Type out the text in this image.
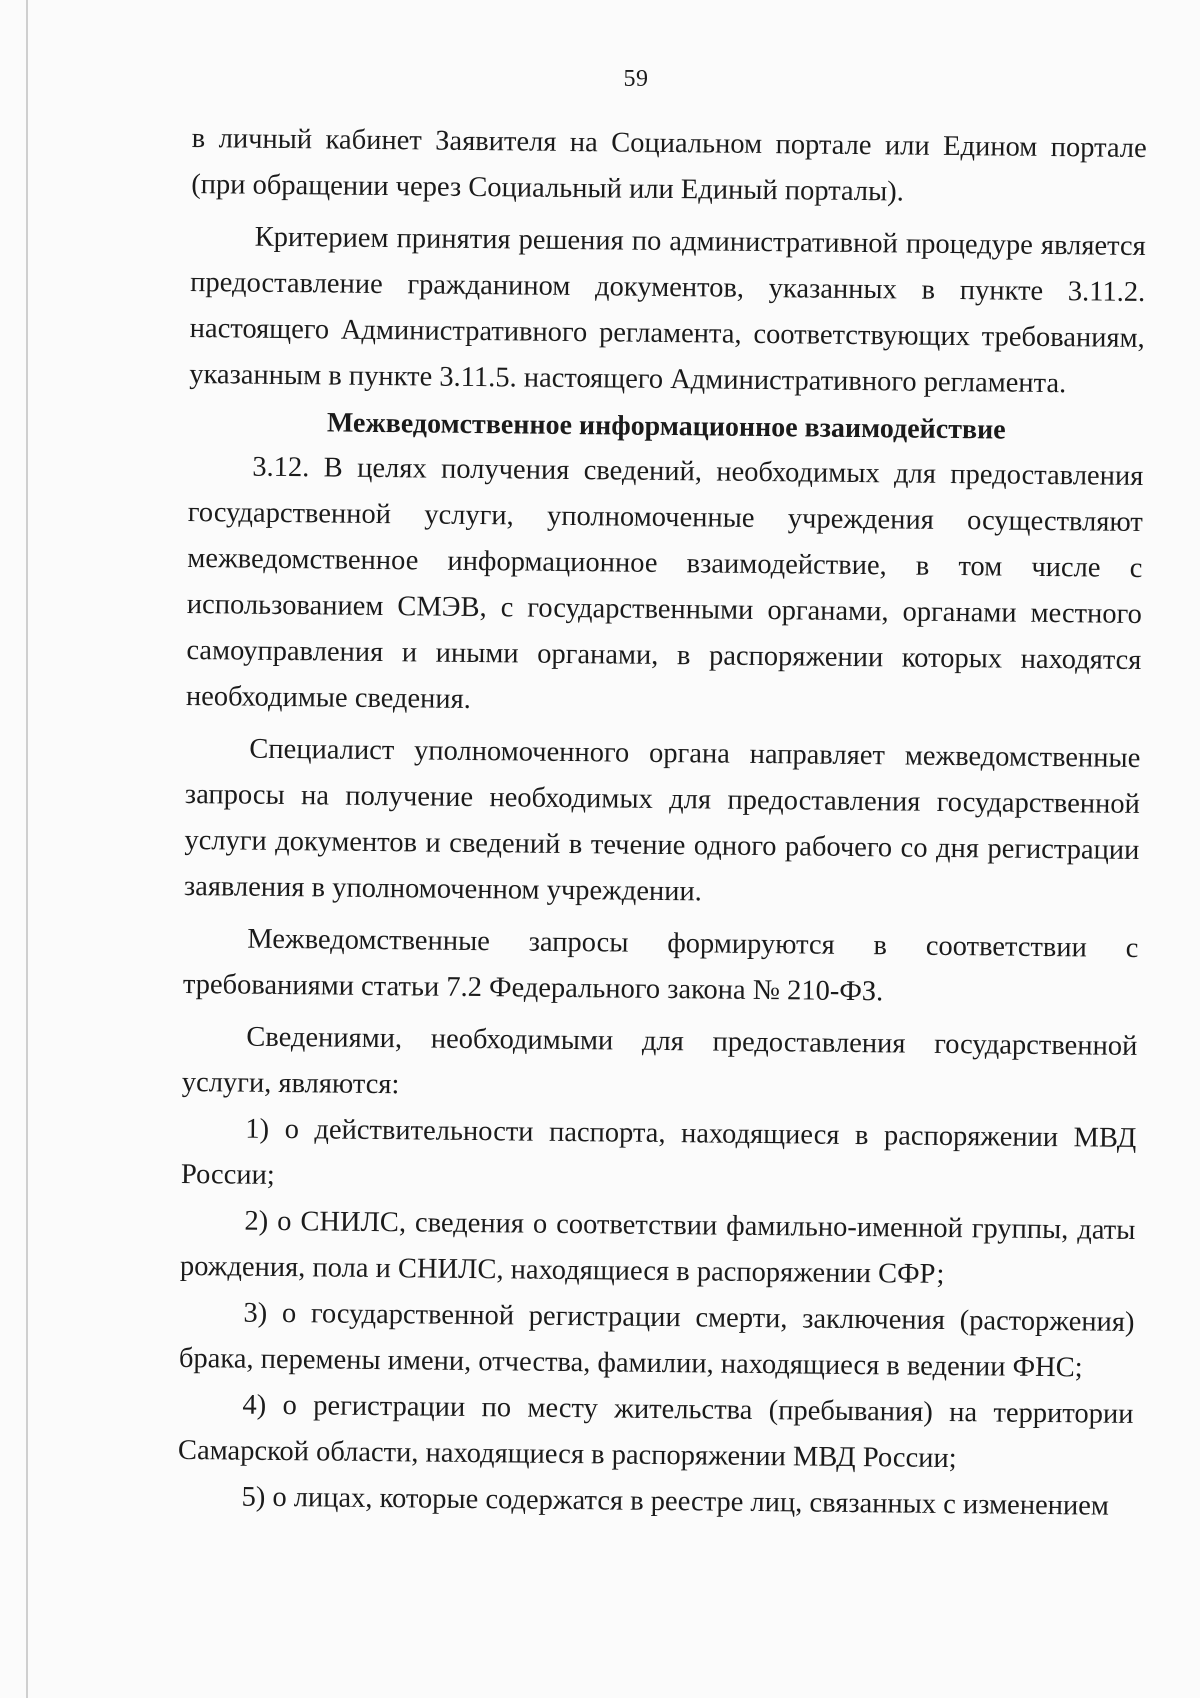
59

в личный кабинет Заявителя на Социальном портале или Едином портале (при обращении через Социальный или Единый порталы).

Критерием принятия решения по административной процедуре является предоставление гражданином документов, указанных в пункте 3.11.2. настоящего Административного регламента, соответствующих требованиям, указанным в пункте 3.11.5. настоящего Административного регламента.

Межведомственное информационное взаимодействие

3.12. В целях получения сведений, необходимых для предоставления государственной услуги, уполномоченные учреждения осуществляют межведомственное информационное взаимодействие, в том числе с использованием СМЭВ, с государственными органами, органами местного самоуправления и иными органами, в распоряжении которых находятся необходимые сведения.

Специалист уполномоченного органа направляет межведомственные запросы на получение необходимых для предоставления государственной услуги документов и сведений в течение одного рабочего со дня регистрации заявления в уполномоченном учреждении.

Межведомственные запросы формируются в соответствии с требованиями статьи 7.2 Федерального закона № 210-ФЗ.

Сведениями, необходимыми для предоставления государственной услуги, являются:

1) о действительности паспорта, находящиеся в распоряжении МВД России;

2) о СНИЛС, сведения о соответствии фамильно-именной группы, даты рождения, пола и СНИЛС, находящиеся в распоряжении СФР;

3) о государственной регистрации смерти, заключения (расторжения) брака, перемены имени, отчества, фамилии, находящиеся в ведении ФНС;

4) о регистрации по месту жительства (пребывания) на территории Самарской области, находящиеся в распоряжении МВД России;

5) о лицах, которые содержатся в реестре лиц, связанных с изменением
